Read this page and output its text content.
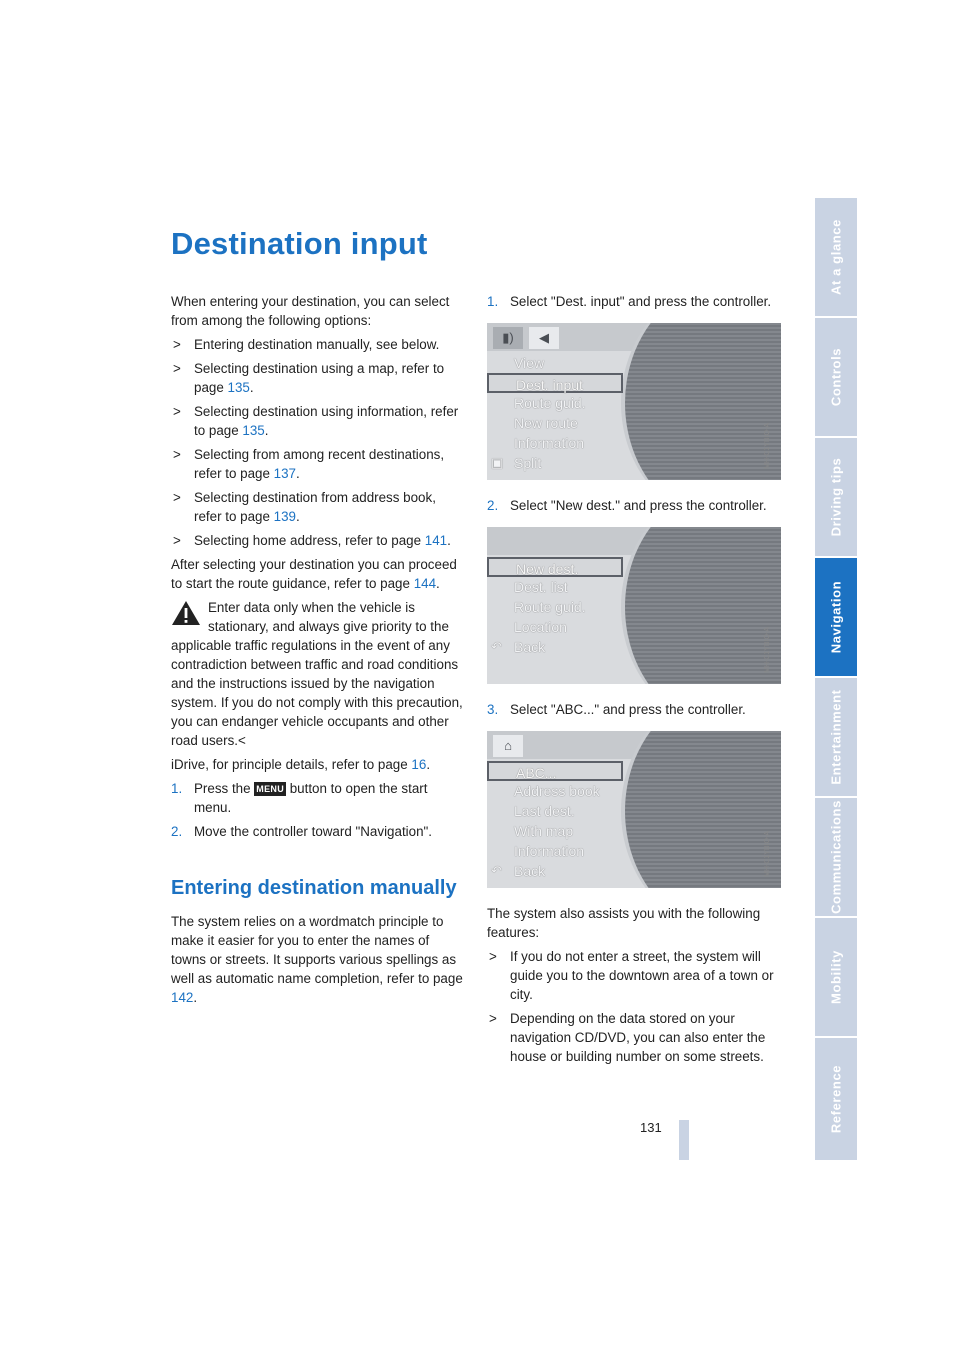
Destination input

When entering your destination, you can select from among the following options:

> Entering destination manually, see below.
> Selecting destination using a map, refer to page 135.
> Selecting destination using information, refer to page 135.
> Selecting from among recent destinations, refer to page 137.
> Selecting destination from address book, refer to page 139.
> Selecting home address, refer to page 141.

After selecting your destination you can proceed to start the route guidance, refer to page 144.

Enter data only when the vehicle is stationary, and always give priority to the applicable traffic regulations in the event of any contradiction between traffic and road conditions and the instructions issued by the navigation system. If you do not comply with this precaution, you can endanger vehicle occupants and other road users.<

iDrive, for principle details, refer to page 16.

1. Press the MENU button to open the start menu.
2. Move the controller toward "Navigation".
Entering destination manually

The system relies on a wordmatch principle to make it easier for you to enter the names of towns or streets. It supports various spellings as well as automatic name completion, refer to page 142.

1. Select "Dest. input" and press the controller.
▮)	◀
View
Dest. input
Route guid.
New route
Information
▣ Split	MH-C1YBIO-A
2. Select "New dest." and press the controller.
New dest.
Dest. list
Route guid.
Location
↶ Back	MH-C1YBIO-A
3. Select "ABC..." and press the controller.
⌂
ABC...
Address book
Last dest.
With map
Information
↶ Back	MH-C1YBIO-A

The system also assists you with the following features:

> If you do not enter a street, the system will guide you to the downtown area of a town or city.
> Depending on the data stored on your navigation CD/DVD, you can also enter the house or building number on some streets.
At a glance
Controls
Driving tips
Navigation
Entertainment
Communications
Mobility
Reference
131
